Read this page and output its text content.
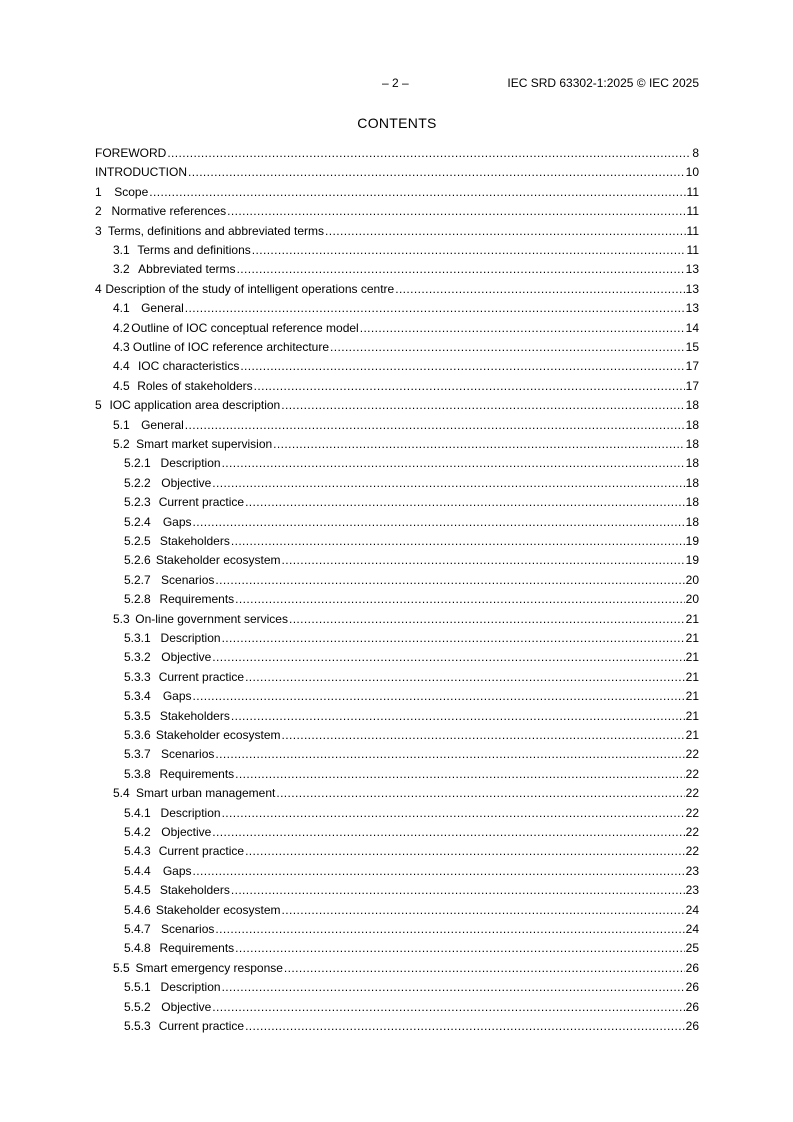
– 2 –	IEC SRD 63302-1:2025 © IEC 2025
CONTENTS
FOREWORD .....	8
INTRODUCTION .....	10
1	Scope .....	11
2 Normative references .....	11
3 Terms, definitions and abbreviated terms .....	11
3.1 Terms and definitions .....	11
3.2 Abbreviated terms .....	13
4 Description of the study of intelligent operations centre .....	13
4.1 General .....	13
4.2 Outline of IOC conceptual reference model .....	14
4.3 Outline of IOC reference architecture .....	15
4.4 IOC characteristics .....	17
4.5 Roles of stakeholders .....	17
5 IOC application area description .....	18
5.1 General .....	18
5.2 Smart market supervision .....	18
5.2.1 Description .....	18
5.2.2 Objective .....	18
5.2.3 Current practice .....	18
5.2.4	Gaps .....	18
5.2.5 Stakeholders .....	19
5.2.6 Stakeholder ecosystem .....	19
5.2.7 Scenarios .....	20
5.2.8 Requirements .....	20
5.3 On-line government services .....	21
5.3.1 Description .....	21
5.3.2 Objective .....	21
5.3.3 Current practice .....	21
5.3.4	Gaps .....	21
5.3.5 Stakeholders .....	21
5.3.6 Stakeholder ecosystem .....	21
5.3.7 Scenarios .....	22
5.3.8 Requirements .....	22
5.4 Smart urban management .....	22
5.4.1 Description .....	22
5.4.2 Objective .....	22
5.4.3 Current practice .....	22
5.4.4	Gaps .....	23
5.4.5 Stakeholders .....	23
5.4.6 Stakeholder ecosystem .....	24
5.4.7 Scenarios .....	24
5.4.8 Requirements .....	25
5.5 Smart emergency response .....	26
5.5.1 Description .....	26
5.5.2 Objective .....	26
5.5.3 Current practice .....	26
